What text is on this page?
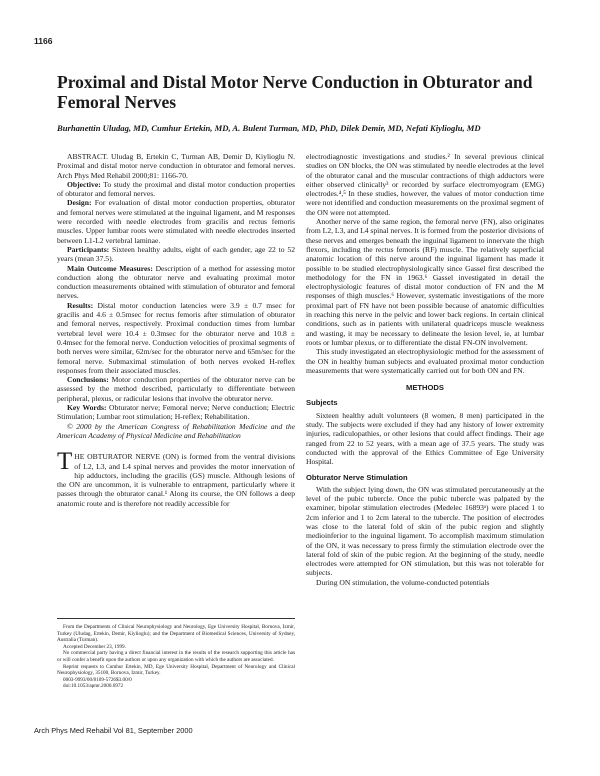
1166
Proximal and Distal Motor Nerve Conduction in Obturator and Femoral Nerves

Burhanettin Uludag, MD, Cumhur Ertekin, MD, A. Bulent Turman, MD, PhD, Dilek Demir, MD, Nefati Kiylioglu, MD

ABSTRACT. Uludag B, Ertekin C, Turman AB, Demir D, Kiylioglu N. Proximal and distal motor nerve conduction in obturator and femoral nerves. Arch Phys Med Rehabil 2000;81: 1166-70.

Objective: To study the proximal and distal motor conduction properties of obturator and femoral nerves.

Design: For evaluation of distal motor conduction properties, obturator and femoral nerves were stimulated at the inguinal ligament, and M responses were recorded with needle electrodes from gracilis and rectus femoris muscles. Upper lumbar roots were stimulated with needle electrodes inserted between L1-L2 vertebral laminae.

Participants: Sixteen healthy adults, eight of each gender, age 22 to 52 years (mean 37.5).

Main Outcome Measures: Description of a method for assessing motor conduction along the obturator nerve and evaluating proximal motor conduction measurements obtained with stimulation of obturator and femoral nerves.

Results: Distal motor conduction latencies were 3.9 ± 0.7 msec for gracilis and 4.6 ± 0.5msec for rectus femoris after stimulation of obturator and femoral nerves, respectively. Proximal conduction times from lumbar vertebral level were 10.4 ± 0.3msec for the obturator nerve and 10.8 ± 0.4msec for the femoral nerve. Conduction velocities of proximal segments of both nerves were similar, 62m/sec for the obturator nerve and 65m/sec for the femoral nerve. Submaximal stimulation of both nerves evoked H-reflex responses from their associated muscles.

Conclusions: Motor conduction properties of the obturator nerve can be assessed by the method described, particularly to differentiate between peripheral, plexus, or radicular lesions that involve the obturator nerve.

Key Words: Obturator nerve; Femoral nerve; Nerve conduction; Electric Stimulation; Lumbar root stimulation; H-reflex; Rehabilitation.

© 2000 by the American Congress of Rehabilitation Medicine and the American Academy of Physical Medicine and Rehabilitation

THE OBTURATOR NERVE (ON) is formed from the ventral divisions of L2, L3, and L4 spinal nerves and provides the motor innervation of hip adductors, including the gracilis (GS) muscle. Although lesions of the ON are uncommon, it is vulnerable to entrapment, particularly where it passes through the obturator canal.¹ Along its course, the ON follows a deep anatomic route and is therefore not readily accessible for

From the Departments of Clinical Neurophysiology and Neurology, Ege University Hospital, Bornova, Izmir, Turkey (Uludag, Ertekin, Demir, Kiylioglu); and the Department of Biomedical Sciences, University of Sydney, Australia (Turman).

Accepted December 23, 1999.

No commercial party having a direct financial interest in the results of the research supporting this article has or will confer a benefit upon the authors or upon any organization with which the authors are associated.

Reprint requests to Cumhur Ertekin, MD, Ege University Hospital, Department of Neurology and Clinical Neurophysiology, 35100, Bornova, Izmir, Turkey.

0003-9993/00/8109-5726$3.00/0

doi:10.1053/apmr.2000.6972

electrodiagnostic investigations and studies.² In several previous clinical studies on ON blocks, the ON was stimulated by needle electrodes at the level of the obturator canal and the muscular contractions of thigh adductors were either observed clinically³ or recorded by surface electromyogram (EMG) electrodes.⁴,⁵ In these studies, however, the values of motor conduction time were not identified and conduction measurements on the proximal segment of the ON were not attempted.

Another nerve of the same region, the femoral nerve (FN), also originates from L2, L3, and L4 spinal nerves. It is formed from the posterior divisions of these nerves and emerges beneath the inguinal ligament to innervate the thigh flexors, including the rectus femoris (RF) muscle. The relatively superficial anatomic location of this nerve around the inguinal ligament has made it possible to be studied electrophysiologically since Gassel first described the methodology for the FN in 1963.⁶ Gassel investigated in detail the electrophysiologic features of distal motor conduction of FN and the M responses of thigh muscles.⁶ However, systematic investigations of the more proximal part of FN have not been possible because of anatomic difficulties in reaching this nerve in the pelvic and lower back regions. In certain clinical conditions, such as in patients with unilateral quadriceps muscle weakness and wasting, it may be necessary to delineate the lesion level, ie, at lumbar roots or lumbar plexus, or to differentiate the distal FN-ON involvement.

This study investigated an electrophysiologic method for the assessment of the ON in healthy human subjects and evaluated proximal motor conduction measurements that were systematically carried out for both ON and FN.

METHODS
Subjects

Sixteen healthy adult volunteers (8 women, 8 men) participated in the study. The subjects were excluded if they had any history of lower extremity injuries, radiculopathies, or other lesions that could affect findings. Their age ranged from 22 to 52 years, with a mean age of 37.5 years. The study was conducted with the approval of the Ethics Committee of Ege University Hospital.

Obturator Nerve Stimulation

With the subject lying down, the ON was stimulated percutaneously at the level of the pubic tubercle. Once the pubic tubercle was palpated by the examiner, bipolar stimulation electrodes (Medelec 16893ᵃ) were placed 1 to 2cm inferior and 1 to 2cm lateral to the tubercle. The position of electrodes was close to the lateral fold of skin of the pubic region and slightly medioinferior to the inguinal ligament. To accomplish maximum stimulation of the ON, it was necessary to press firmly the stimulation electrode over the lateral fold of skin of the pubic region. At the beginning of the study, needle electrodes were attempted for ON stimulation, but this was not tolerable for subjects.

During ON stimulation, the volume-conducted potentials

Arch Phys Med Rehabil Vol 81, September 2000
